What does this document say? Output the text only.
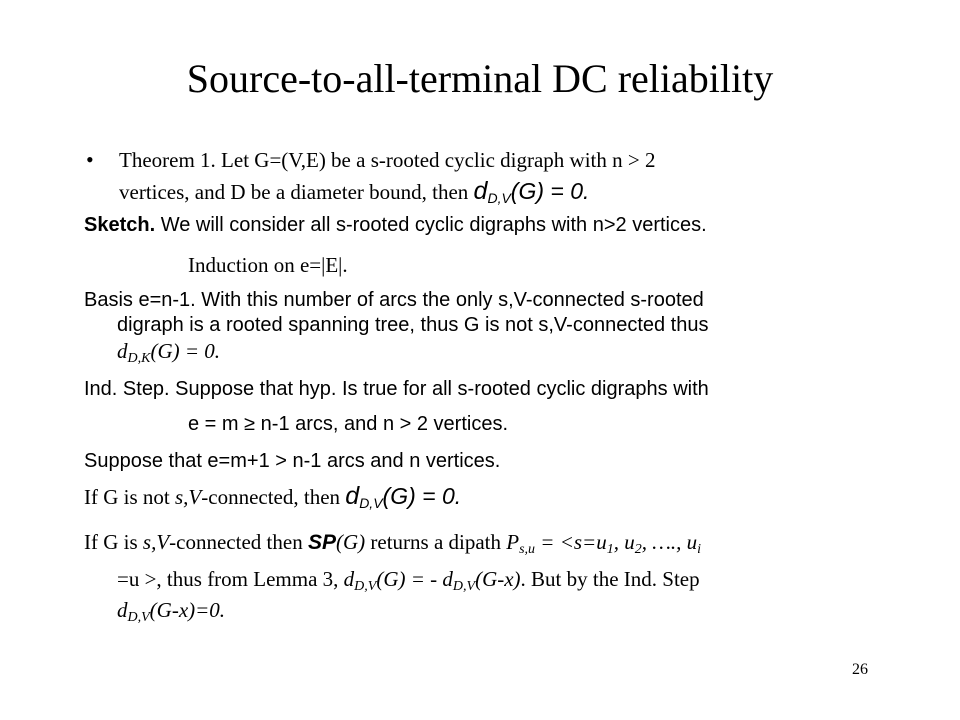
Source-to-all-terminal DC reliability
• Theorem 1. Let G=(V,E) be a s-rooted cyclic digraph with n > 2
vertices, and D be a diameter bound, then $d_{D,V}(G) = 0$.
Sketch. We will consider all s-rooted cyclic digraphs with n>2 vertices.
Induction on e=|E|.
Basis e=n-1. With this number of arcs the only s,V-connected s-rooted
digraph is a rooted spanning tree, thus G is not s,V-connected thus
$d_{D,K}(G) = 0$.
Ind. Step. Suppose that hyp. Is true for all s-rooted cyclic digraphs with
e = m ≥ n-1 arcs, and n > 2 vertices.
Suppose that e=m+1 > n-1 arcs and n vertices.
If G is not s,V-connected, then $d_{D,V}(G) = 0$.
If G is s,V-connected then SP(G) returns a dipath $P_{s,u} = <s=u_1$, $u_2$, …., $u_i$
=u >, thus from Lemma 3, $d_{D,V}(G)$ = - $d_{D,V}(G-x)$. But by the Ind. Step
$d_{D,V}(G-x)=0$.
26
